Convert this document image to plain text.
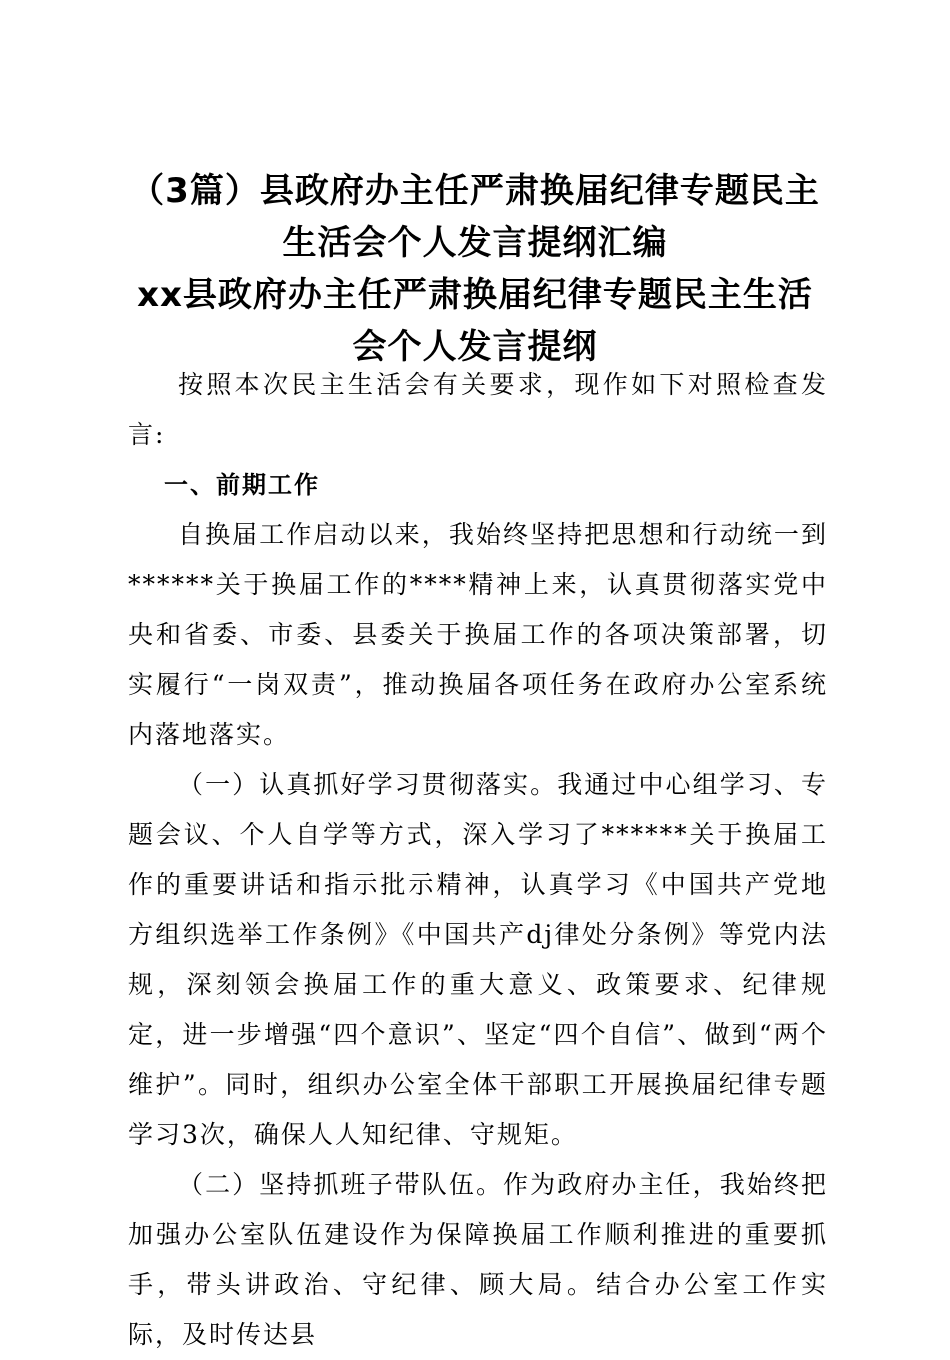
（3篇）县政府办主任严肃换届纪律专题民主
生活会个人发言提纲汇编
xx县政府办主任严肃换届纪律专题民主生活
会个人发言提纲

按照本次民主生活会有关要求，现作如下对照检查发言:

一、前期工作

自换届工作启动以来，我始终坚持把思想和行动统一到******关于换届工作的****精神上来，认真贯彻落实党中央和省委、市委、县委关于换届工作的各项决策部署，切实履行“一岗双责”，推动换届各项任务在政府办公室系统内落地落实。

（一）认真抓好学习贯彻落实。我通过中心组学习、专题会议、个人自学等方式，深入学习了******关于换届工作的重要讲话和指示批示精神，认真学习《中国共产党地方组织选举工作条例》《中国共产dj律处分条例》等党内法规，深刻领会换届工作的重大意义、政策要求、纪律规定，进一步增强“四个意识”、坚定“四个自信”、做到“两个维护”。同时，组织办公室全体干部职工开展换届纪律专题学习3次，确保人人知纪律、守规矩。

（二）坚持抓班子带队伍。作为政府办主任，我始终把加强办公室队伍建设作为保障换届工作顺利推进的重要抓手，带头讲政治、守纪律、顾大局。结合办公室工作实际，及时传达县
